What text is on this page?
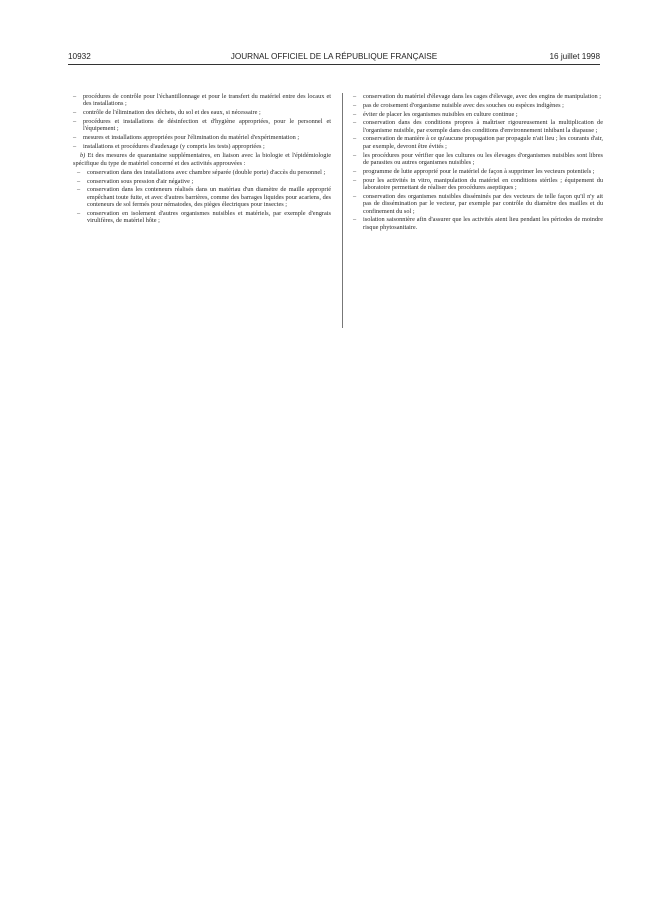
10932	JOURNAL OFFICIEL DE LA RÉPUBLIQUE FRANÇAISE	16 juillet 1998
– procédures de contrôle pour l'échantillonnage et pour le transfert du matériel entre des locaux et des installations ;
– contrôle de l'élimination des déchets, du sol et des eaux, si nécessaire ;
– procédures et installations de désinfection et d'hygiène appropriées, pour le personnel et l'équipement ;
– mesures et installations appropriées pour l'élimination du matériel d'expérimentation ;
– installations et procédures d'audexage (y compris les tests) appropriées ;
b) Et des mesures de quarantaine supplémentaires, en liaison avec la biologie et l'épidémiologie spécifique du type de matériel concerné et des activités approuvées :
– conservation dans des installations avec chambre séparée (double porte) d'accès du personnel ;
– conservation sous pression d'air négative ;
– conservation dans les conteneurs réalisés dans un matériau d'un diamètre de maille approprié empêchant toute fuite, et avec d'autres barrières, comme des barrages liquides pour acariens, des conteneurs de sol fermés pour nématodes, des pièges électriques pour insectes ;
– conservation en isolement d'autres organismes nuisibles et matériels, par exemple d'engrais virulifères, de matériel hôte ;
– conservation du matériel d'élevage dans les cages d'élevage, avec des engins de manipulation ;
– pas de croisement d'organisme nuisible avec des souches ou espèces indigènes ;
– éviter de placer les organismes nuisibles en culture continue ;
– conservation dans des conditions propres à maîtriser rigoureusement la multiplication de l'organisme nuisible, par exemple dans des conditions d'environnement inhibant la diapause ;
– conservation de manière à ce qu'aucune propagation par propagule n'ait lieu ; les courants d'air, par exemple, devront être évités ;
– les procédures pour vérifier que les cultures ou les élevages d'organismes nuisibles sont libres de parasites ou autres organismes nuisibles ;
– programme de lutte approprié pour le matériel de façon à supprimer les vecteurs potentiels ;
– pour les activités in vitro, manipulation du matériel en conditions stériles ; équipement du laboratoire permettant de réaliser des procédures aseptiques ;
– conservation des organismes nuisibles disséminés par des vecteurs de telle façon qu'il n'y ait pas de dissémination par le vecteur, par exemple par contrôle du diamètre des mailles et du confinement du sol ;
– isolation saisonnière afin d'assurer que les activités aient lieu pendant les périodes de moindre risque phytosanitaire.
